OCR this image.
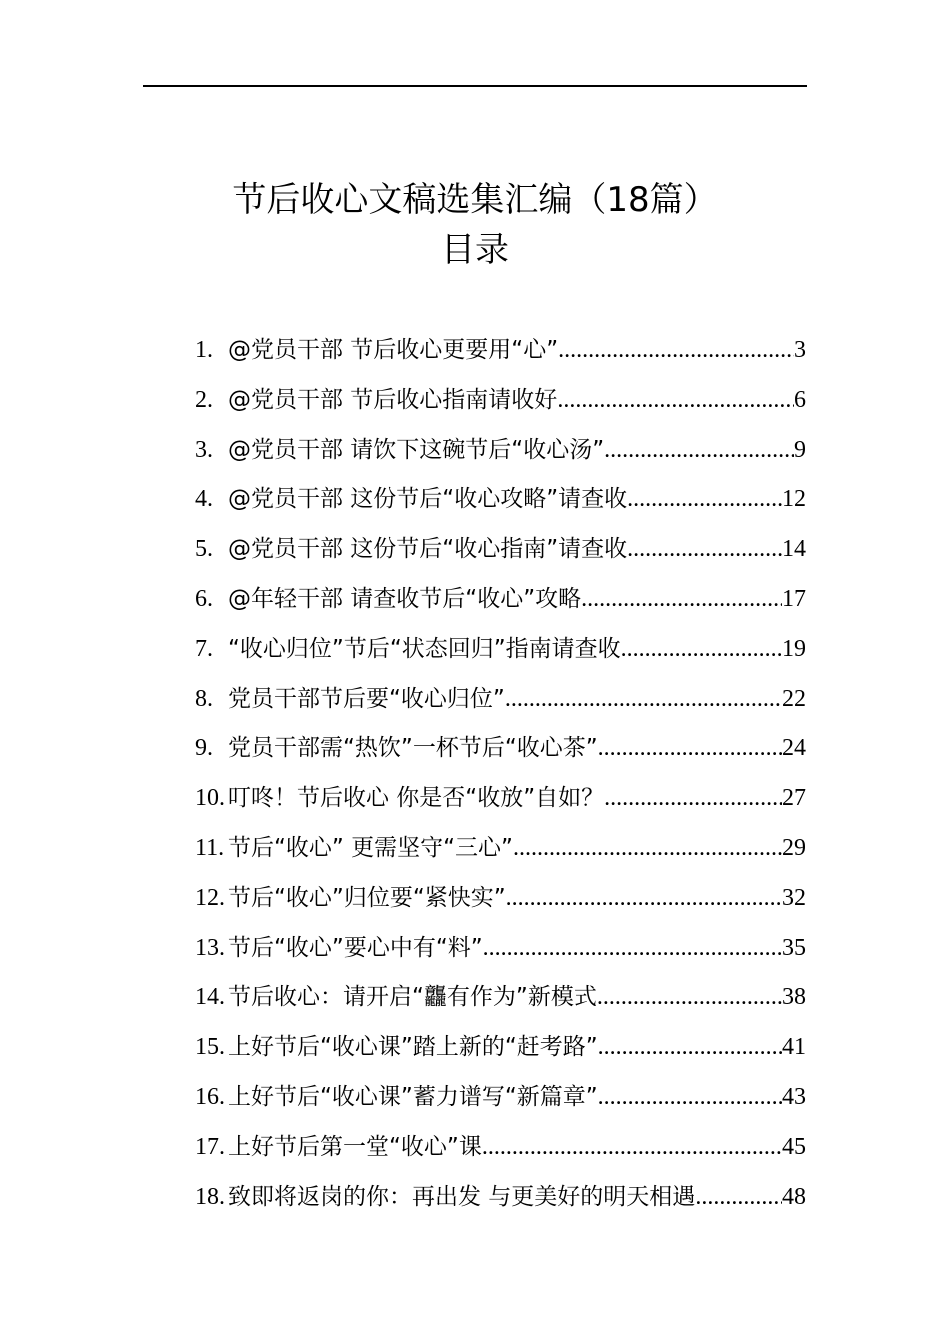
节后收心文稿选集汇编（18篇）
目录
1. @党员干部 节后收心更要用“心” .....	3
2. @党员干部 节后收心指南请收好 .....	6
3. @党员干部 请饮下这碗节后“收心汤” .....	9
4. @党员干部 这份节后“收心攻略”请查收 .....	12
5. @党员干部 这份节后“收心指南”请查收 .....	14
6. @年轻干部 请查收节后“收心”攻略 .....	17
7. “收心归位”节后“状态回归”指南请查收 .....	19
8. 党员干部节后要“收心归位” .....	22
9. 党员干部需“热饮”一杯节后“收心茶” .....	24
10. 叮咚！节后收心 你是否“收放”自如？ .....	27
11. 节后“收心” 更需坚守“三心” .....	29
12. 节后“收心”归位要“紧快实” .....	32
13. 节后“收心”要心中有“料” .....	35
14. 节后收心：请开启“龘有作为”新模式 .....	38
15. 上好节后“收心课”踏上新的“赶考路” .....	41
16. 上好节后“收心课”蓄力谱写“新篇章” .....	43
17. 上好节后第一堂“收心”课 .....	45
18. 致即将返岗的你：再出发 与更美好的明天相遇 .....	48
